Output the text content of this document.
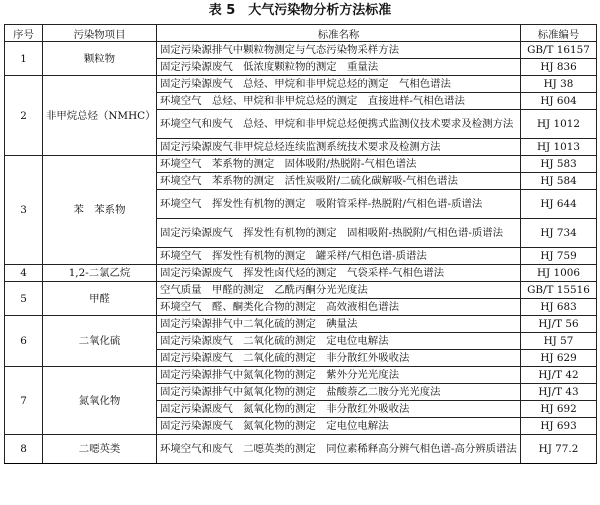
表 5　大气污染物分析方法标准
序号	污染物项目	标准名称	标准编号
1	颗粒物	固定污染源排气中颗粒物测定与气态污染物采样方法	GB/T 16157
		固定污染源废气　低浓度颗粒物的测定　重量法	HJ 836
2	非甲烷总烃（NMHC）	固定污染源废气　总烃、甲烷和非甲烷总烃的测定　气相色谱法	HJ 38
		环境空气　总烃、甲烷和非甲烷总烃的测定　直接进样-气相色谱法	HJ 604
		环境空气和废气　总烃、甲烷和非甲烷总烃便携式监测仪技术要求及检测方法	HJ 1012
		固定污染源废气非甲烷总烃连续监测系统技术要求及检测方法	HJ 1013
3	苯　苯系物	环境空气　苯系物的测定　固体吸附/热脱附-气相色谱法	HJ 583
		环境空气　苯系物的测定　活性炭吸附/二硫化碳解吸-气相色谱法	HJ 584
		环境空气　挥发性有机物的测定　吸附管采样-热脱附/气相色谱-质谱法	HJ 644
		固定污染源废气　挥发性有机物的测定　固相吸附-热脱附/气相色谱-质谱法	HJ 734
		环境空气　挥发性有机物的测定　罐采样/气相色谱-质谱法	HJ 759
4	1,2-二氯乙烷	固定污染源废气　挥发性卤代烃的测定　气袋采样-气相色谱法	HJ 1006
5	甲醛	空气质量　甲醛的测定　乙酰丙酮分光光度法	GB/T 15516
		环境空气　醛、酮类化合物的测定　高效液相色谱法	HJ 683
6	二氧化硫	固定污染源排气中二氧化硫的测定　碘量法	HJ/T 56
		固定污染源废气　二氧化硫的测定　定电位电解法	HJ 57
		固定污染源废气　二氧化硫的测定　非分散红外吸收法	HJ 629
7	氮氧化物	固定污染源排气中氮氧化物的测定　紫外分光光度法	HJ/T 42
		固定污染源排气中氮氧化物的测定　盐酸萘乙二胺分光光度法	HJ/T 43
		固定污染源废气　氮氧化物的测定　非分散红外吸收法	HJ 692
		固定污染源废气　氮氧化物的测定　定电位电解法	HJ 693
8	二噁英类	环境空气和废气　二噁英类的测定　同位素稀释高分辨气相色谱-高分辨质谱法	HJ 77.2
